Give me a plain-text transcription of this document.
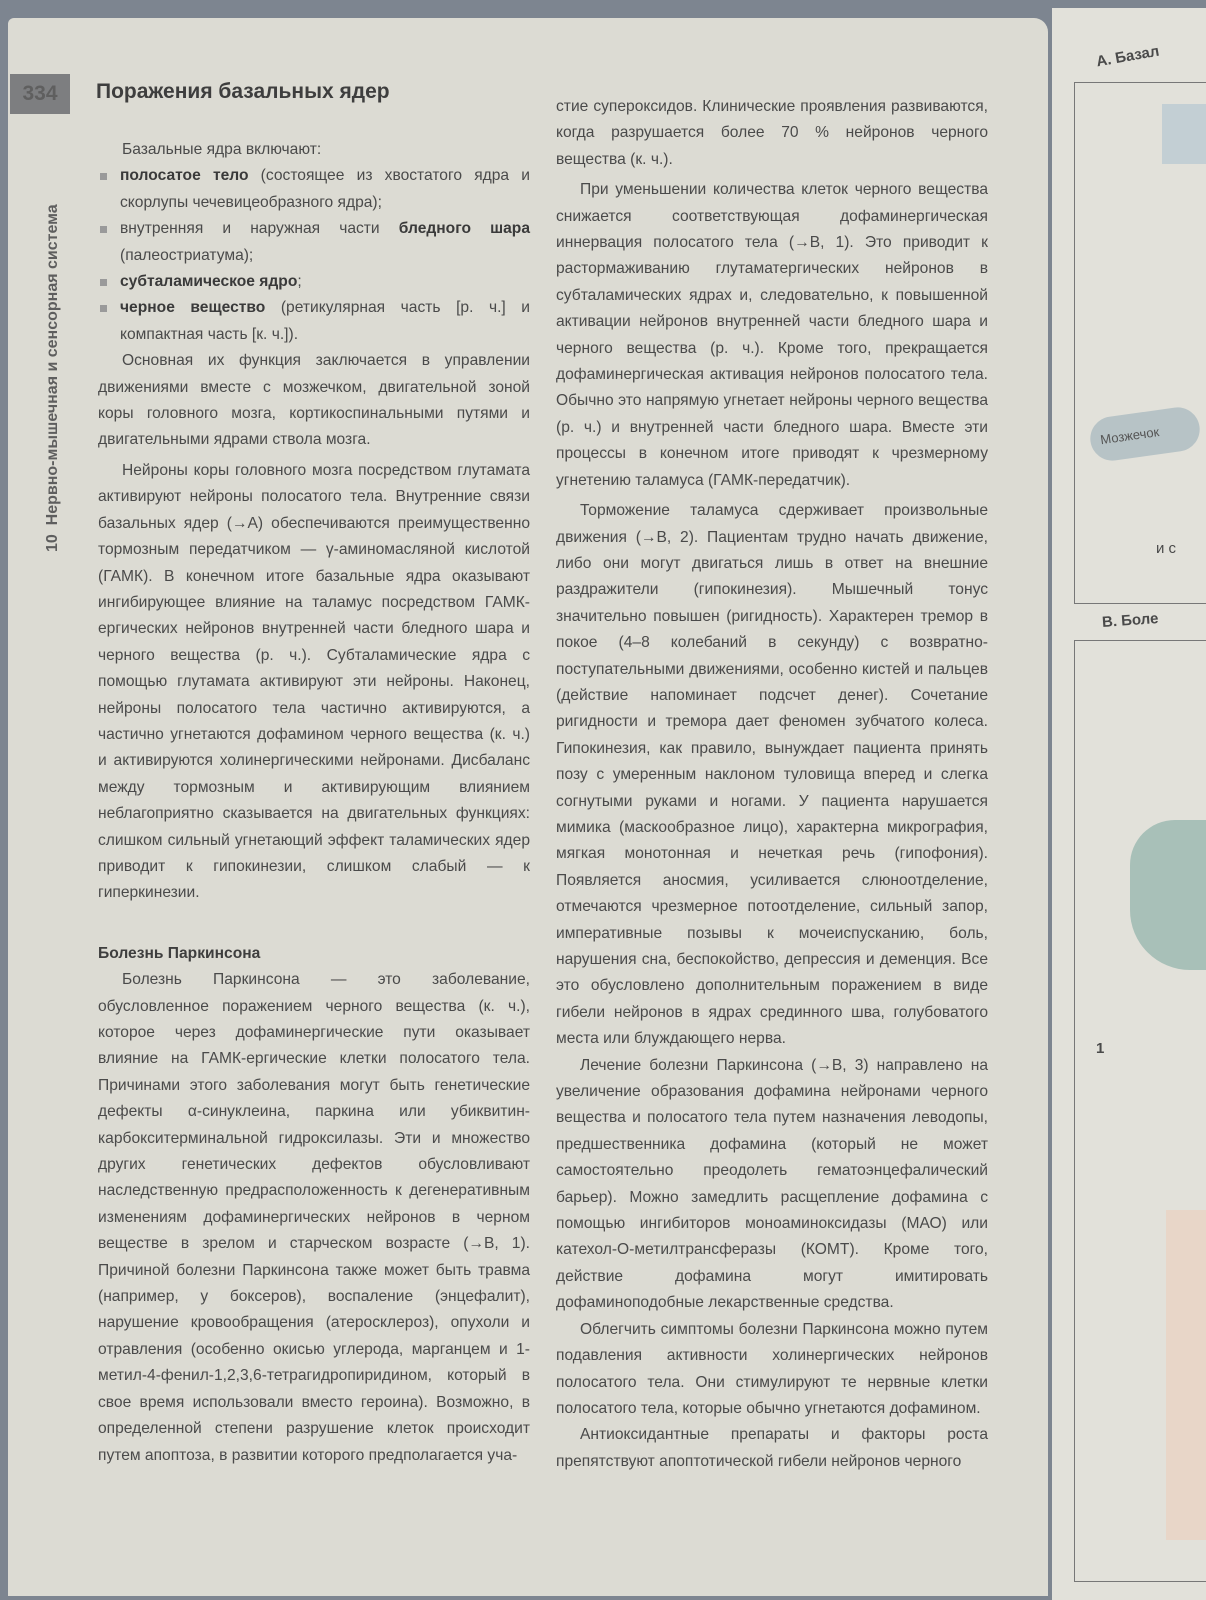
334
10  Нервно-мышечная и сенсорная система
Поражения базальных ядер

Базальные ядра включают:

полосатое тело (состоящее из хвостатого ядра и скорлупы чечевицеобразного ядра);
внутренняя и наружная части бледного шара (палеостриатума);
субталамическое ядро;
черное вещество (ретикулярная часть [р. ч.] и компактная часть [к. ч.]).

Основная их функция заключается в управлении движениями вместе с мозжечком, двигательной зоной коры головного мозга, кортикоспинальными путями и двигательными ядрами ствола мозга.

Нейроны коры головного мозга посредством глутамата активируют нейроны полосатого тела. Внутренние связи базальных ядер (→A) обеспечиваются преимущественно тормозным передатчиком — γ-аминомасляной кислотой (ГАМК). В конечном итоге базальные ядра оказывают ингибирующее влияние на таламус посредством ГАМК-ергических нейронов внутренней части бледного шара и черного вещества (р. ч.). Субталамические ядра с помощью глутамата активируют эти нейроны. Наконец, нейроны полосатого тела частично активируются, а частично угнетаются дофамином черного вещества (к. ч.) и активируются холинергическими нейронами. Дисбаланс между тормозным и активирующим влиянием неблагоприятно сказывается на двигательных функциях: слишком сильный угнетающий эффект таламических ядер приводит к гипокинезии, слишком слабый — к гиперкинезии.

Болезнь Паркинсона

Болезнь Паркинсона — это заболевание, обусловленное поражением черного вещества (к. ч.), которое через дофаминергические пути оказывает влияние на ГАМК-ергические клетки полосатого тела. Причинами этого заболевания могут быть генетические дефекты α-синуклеина, паркина или убиквитин-карбокситерминальной гидроксилазы. Эти и множество других генетических дефектов обусловливают наследственную предрасположенность к дегенеративным изменениям дофаминергических нейронов в черном веществе в зрелом и старческом возрасте (→B, 1). Причиной болезни Паркинсона также может быть травма (например, у боксеров), воспаление (энцефалит), нарушение кровообращения (атеросклероз), опухоли и отравления (особенно окисью углерода, марганцем и 1-метил-4-фенил-1,2,3,6-тетрагидропиридином, который в свое время использовали вместо героина). Возможно, в определенной степени разрушение клеток происходит путем апоптоза, в развитии которого предполагается уча-

стие супероксидов. Клинические проявления развиваются, когда разрушается более 70 % нейронов черного вещества (к. ч.).

При уменьшении количества клеток черного вещества снижается соответствующая дофаминергическая иннервация полосатого тела (→B, 1). Это приводит к растормаживанию глутаматергических нейронов в субталамических ядрах и, следовательно, к повышенной активации нейронов внутренней части бледного шара и черного вещества (р. ч.). Кроме того, прекращается дофаминергическая активация нейронов полосатого тела. Обычно это напрямую угнетает нейроны черного вещества (р. ч.) и внутренней части бледного шара. Вместе эти процессы в конечном итоге приводят к чрезмерному угнетению таламуса (ГАМК-передатчик).

Торможение таламуса сдерживает произвольные движения (→B, 2). Пациентам трудно начать движение, либо они могут двигаться лишь в ответ на внешние раздражители (гипокинезия). Мышечный тонус значительно повышен (ригидность). Характерен тремор в покое (4–8 колебаний в секунду) с возвратно-поступательными движениями, особенно кистей и пальцев (действие напоминает подсчет денег). Сочетание ригидности и тремора дает феномен зубчатого колеса. Гипокинезия, как правило, вынуждает пациента принять позу с умеренным наклоном туловища вперед и слегка согнутыми руками и ногами. У пациента нарушается мимика (маскообразное лицо), характерна микрография, мягкая монотонная и нечеткая речь (гипофония). Появляется аносмия, усиливается слюноотделение, отмечаются чрезмерное потоотделение, сильный запор, императивные позывы к мочеиспусканию, боль, нарушения сна, беспокойство, депрессия и деменция. Все это обусловлено дополнительным поражением в виде гибели нейронов в ядрах срединного шва, голубоватого места или блуждающего нерва.

Лечение болезни Паркинсона (→B, 3) направлено на увеличение образования дофамина нейронами черного вещества и полосатого тела путем назначения леводопы, предшественника дофамина (который не может самостоятельно преодолеть гематоэнцефалический барьер). Можно замедлить расщепление дофамина с помощью ингибиторов моноаминоксидазы (МАО) или катехол-О-метилтрансферазы (КОМТ). Кроме того, действие дофамина могут имитировать дофаминоподобные лекарственные средства.

Облегчить симптомы болезни Паркинсона можно путем подавления активности холинергических нейронов полосатого тела. Они стимулируют те нервные клетки полосатого тела, которые обычно угнетаются дофамином.

Антиоксидантные препараты и факторы роста препятствуют апоптотической гибели нейронов черного

A. Базал
Мозжечок
и с
B. Боле
1
